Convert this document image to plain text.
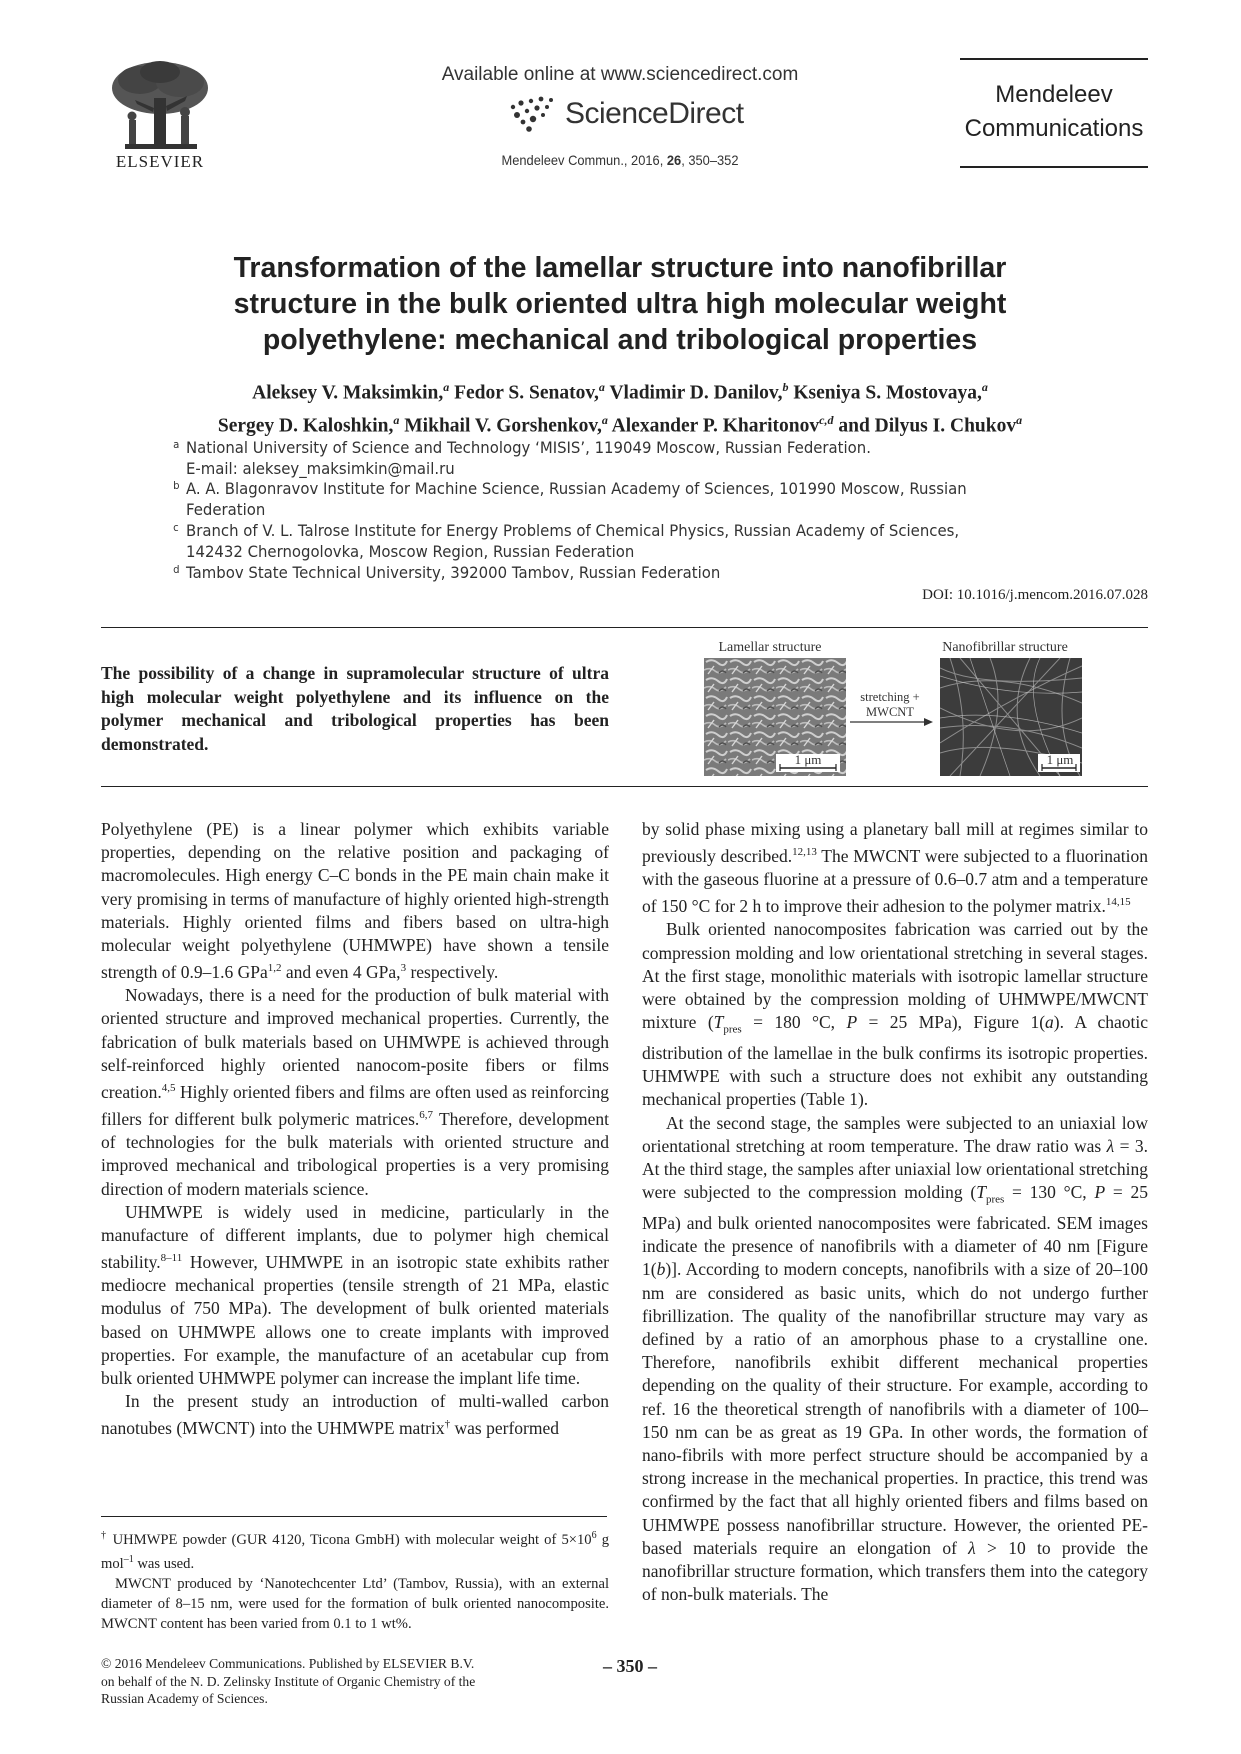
ELSEVIER
Available online at www.sciencedirect.com
ScienceDirect
Mendeleev Commun., 2016, 26, 350–352
Mendeleev
Communications
Transformation of the lamellar structure into nanofibrillar
structure in the bulk oriented ultra high molecular weight
polyethylene: mechanical and tribological properties
Aleksey V. Maksimkin,$^a$ Fedor S. Senatov,$^a$ Vladimir D. Danilov,$^b$ Kseniya S. Mostovaya,$^a$
Sergey D. Kaloshkin,$^a$ Mikhail V. Gorshenkov,$^a$ Alexander P. Kharitonov$^{c,d}$ and Dilyus I. Chukov$^a$
a National University of Science and Technology ‘MISIS’, 119049 Moscow, Russian Federation.
E-mail: aleksey_maksimkin@mail.ru
b A. A. Blagonravov Institute for Machine Science, Russian Academy of Sciences, 101990 Moscow, Russian
Federation
c Branch of V. L. Talrose Institute for Energy Problems of Chemical Physics, Russian Academy of Sciences,
142432 Chernogolovka, Moscow Region, Russian Federation
d Tambov State Technical University, 392000 Tambov, Russian Federation
DOI: 10.1016/j.mencom.2016.07.028
The possibility of a change in supramolecular structure of ultra high molecular weight polyethylene and its influence on the polymer mechanical and tribological properties has been demonstrated.
Lamellar structure	Nanofibrillar structure
1 μm
stretching +
MWCNT
1 μm

Polyethylene (PE) is a linear polymer which exhibits variable properties, depending on the relative position and packaging of macromolecules. High energy C–C bonds in the PE main chain make it very promising in terms of manufacture of highly oriented high-strength materials. Highly oriented films and fibers based on ultra-high molecular weight polyethylene (UHMWPE) have shown a tensile strength of 0.9–1.6 GPa$^{1,2}$ and even 4 GPa,$^3$ respectively.

Nowadays, there is a need for the production of bulk material with oriented structure and improved mechanical properties. Currently, the fabrication of bulk materials based on UHMWPE is achieved through self-reinforced highly oriented nanocom-posite fibers or films creation.$^{4,5}$ Highly oriented fibers and films are often used as reinforcing fillers for different bulk polymeric matrices.$^{6,7}$ Therefore, development of technologies for the bulk materials with oriented structure and improved mechanical and tribological properties is a very promising direction of modern materials science.

UHMWPE is widely used in medicine, particularly in the manufacture of different implants, due to polymer high chemical stability.$^{8-11}$ However, UHMWPE in an isotropic state exhibits rather mediocre mechanical properties (tensile strength of 21 MPa, elastic modulus of 750 MPa). The development of bulk oriented materials based on UHMWPE allows one to create implants with improved properties. For example, the manufacture of an acetabular cup from bulk oriented UHMWPE polymer can increase the implant life time.

In the present study an introduction of multi-walled carbon nanotubes (MWCNT) into the UHMWPE matrix† was performed

† UHMWPE powder (GUR 4120, Ticona GmbH) with molecular weight of $5\times 10^6$ g mol$^{-1}$ was used.

MWCNT produced by ‘Nanotechcenter Ltd’ (Tambov, Russia), with an external diameter of 8–15 nm, were used for the formation of bulk oriented nanocomposite. MWCNT content has been varied from 0.1 to 1 wt%.

by solid phase mixing using a planetary ball mill at regimes similar to previously described.$^{12,13}$ The MWCNT were subjected to a fluorination with the gaseous fluorine at a pressure of 0.6–0.7 atm and a temperature of 150 °C for 2 h to improve their adhesion to the polymer matrix.$^{14,15}$

Bulk oriented nanocomposites fabrication was carried out by the compression molding and low orientational stretching in several stages. At the first stage, monolithic materials with isotropic lamellar structure were obtained by the compression molding of UHMWPE/MWCNT mixture ($T_{pres} = 180$ °C, P = 25 MPa), Figure 1(a). A chaotic distribution of the lamellae in the bulk confirms its isotropic properties. UHMWPE with such a structure does not exhibit any outstanding mechanical properties (Table 1).

At the second stage, the samples were subjected to an uniaxial low orientational stretching at room temperature. The draw ratio was λ = 3. At the third stage, the samples after uniaxial low orientational stretching were subjected to the compression molding ($T_{pres} = 130$ °C, P = 25 MPa) and bulk oriented nanocomposites were fabricated. SEM images indicate the presence of nanofibrils with a diameter of 40 nm [Figure 1(b)]. According to modern concepts, nanofibrils with a size of 20–100 nm are considered as basic units, which do not undergo further fibrillization. The quality of the nanofibrillar structure may vary as defined by a ratio of an amorphous phase to a crystalline one. Therefore, nanofibrils exhibit different mechanical properties depending on the quality of their structure. For example, according to ref. 16 the theoretical strength of nanofibrils with a diameter of 100–150 nm can be as great as 19 GPa. In other words, the formation of nano-fibrils with more perfect structure should be accompanied by a strong increase in the mechanical properties. In practice, this trend was confirmed by the fact that all highly oriented fibers and films based on UHMWPE possess nanofibrillar structure. However, the oriented PE-based materials require an elongation of λ > 10 to provide the nanofibrillar structure formation, which transfers them into the category of non-bulk materials. The

© 2016 Mendeleev Communications. Published by ELSEVIER B.V.
on behalf of the N. D. Zelinsky Institute of Organic Chemistry of the
Russian Academy of Sciences.
– 350 –
